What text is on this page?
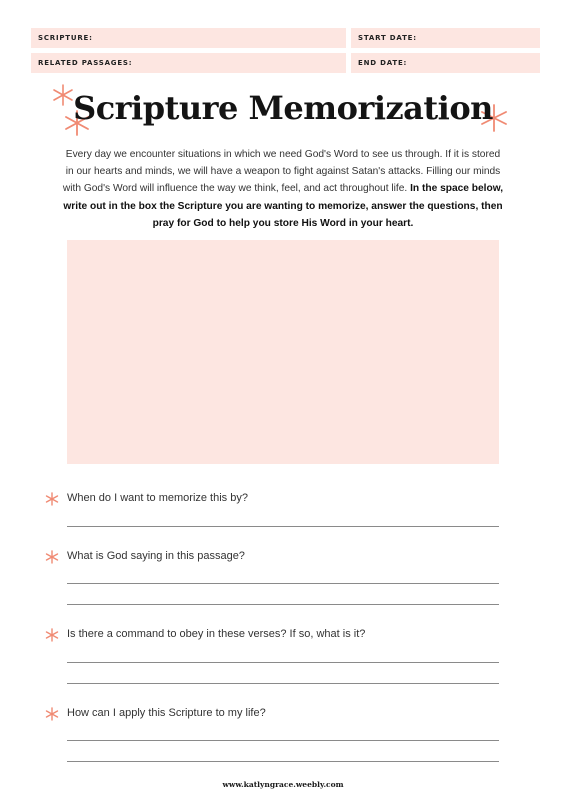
SCRIPTURE:	START DATE:
RELATED PASSAGES:	END DATE:
Scripture Memorization

Every day we encounter situations in which we need God's Word to see us through. If it is stored in our hearts and minds, we will have a weapon to fight against Satan's attacks. Filling our minds with God's Word will influence the way we think, feel, and act throughout life. In the space below, write out in the box the Scripture you are wanting to memorize, answer the questions, then pray for God to help you store His Word in your heart.

When do I want to memorize this by?
What is God saying in this passage?
Is there a command to obey in these verses? If so, what is it?
How can I apply this Scripture to my life?
www.katlyngrace.weebly.com
